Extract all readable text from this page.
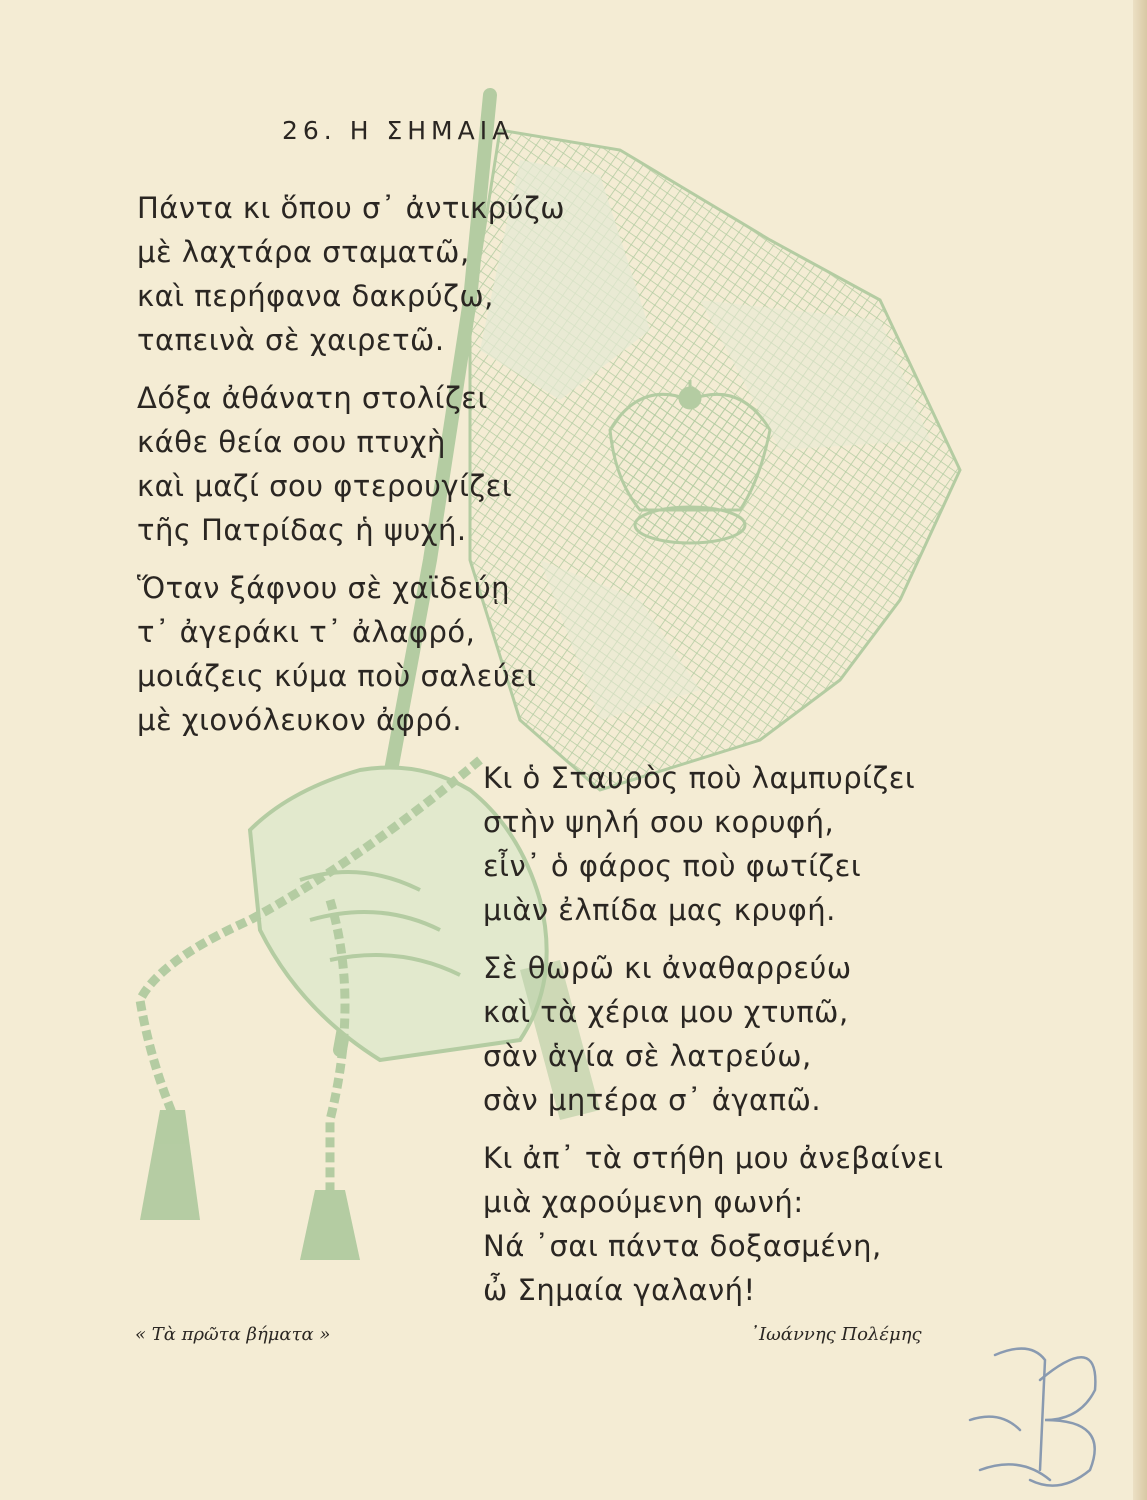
26. Η ΣΗΜΑΙΑ
Πάντα κι ὅπου σ᾽ ἀντικρύζω
μὲ λαχτάρα σταματῶ,
καὶ περήφανα δακρύζω,
ταπεινὰ σὲ χαιρετῶ.
Δόξα ἀθάνατη στολίζει
κάθε θεία σου πτυχὴ
καὶ μαζί σου φτερουγίζει
τῆς Πατρίδας ἡ ψυχή.
Ὅταν ξάφνου σὲ χαϊδεύῃ
τ᾽ ἀγεράκι τ᾽ ἀλαφρό,
μοιάζεις κύμα ποὺ σαλεύει
μὲ χιονόλευκον ἀφρό.
Κι ὁ Σταυρὸς ποὺ λαμπυρίζει
στὴν ψηλή σου κορυφή,
εἶν᾽ ὁ φάρος ποὺ φωτίζει
μιὰν ἐλπίδα μας κρυφή.
Σὲ θωρῶ κι ἀναθαρρεύω
καὶ τὰ χέρια μου χτυπῶ,
σὰν ἁγία σὲ λατρεύω,
σὰν μητέρα σ᾽ ἀγαπῶ.
Κι ἀπ᾽ τὰ στήθη μου ἀνεβαίνει
μιὰ χαρούμενη φωνή:
Νά ᾽σαι πάντα δοξασμένη,
ὦ Σημαία γαλανή!
« Τὰ πρῶτα βήματα »	᾽Ιωάννης Πολέμης
